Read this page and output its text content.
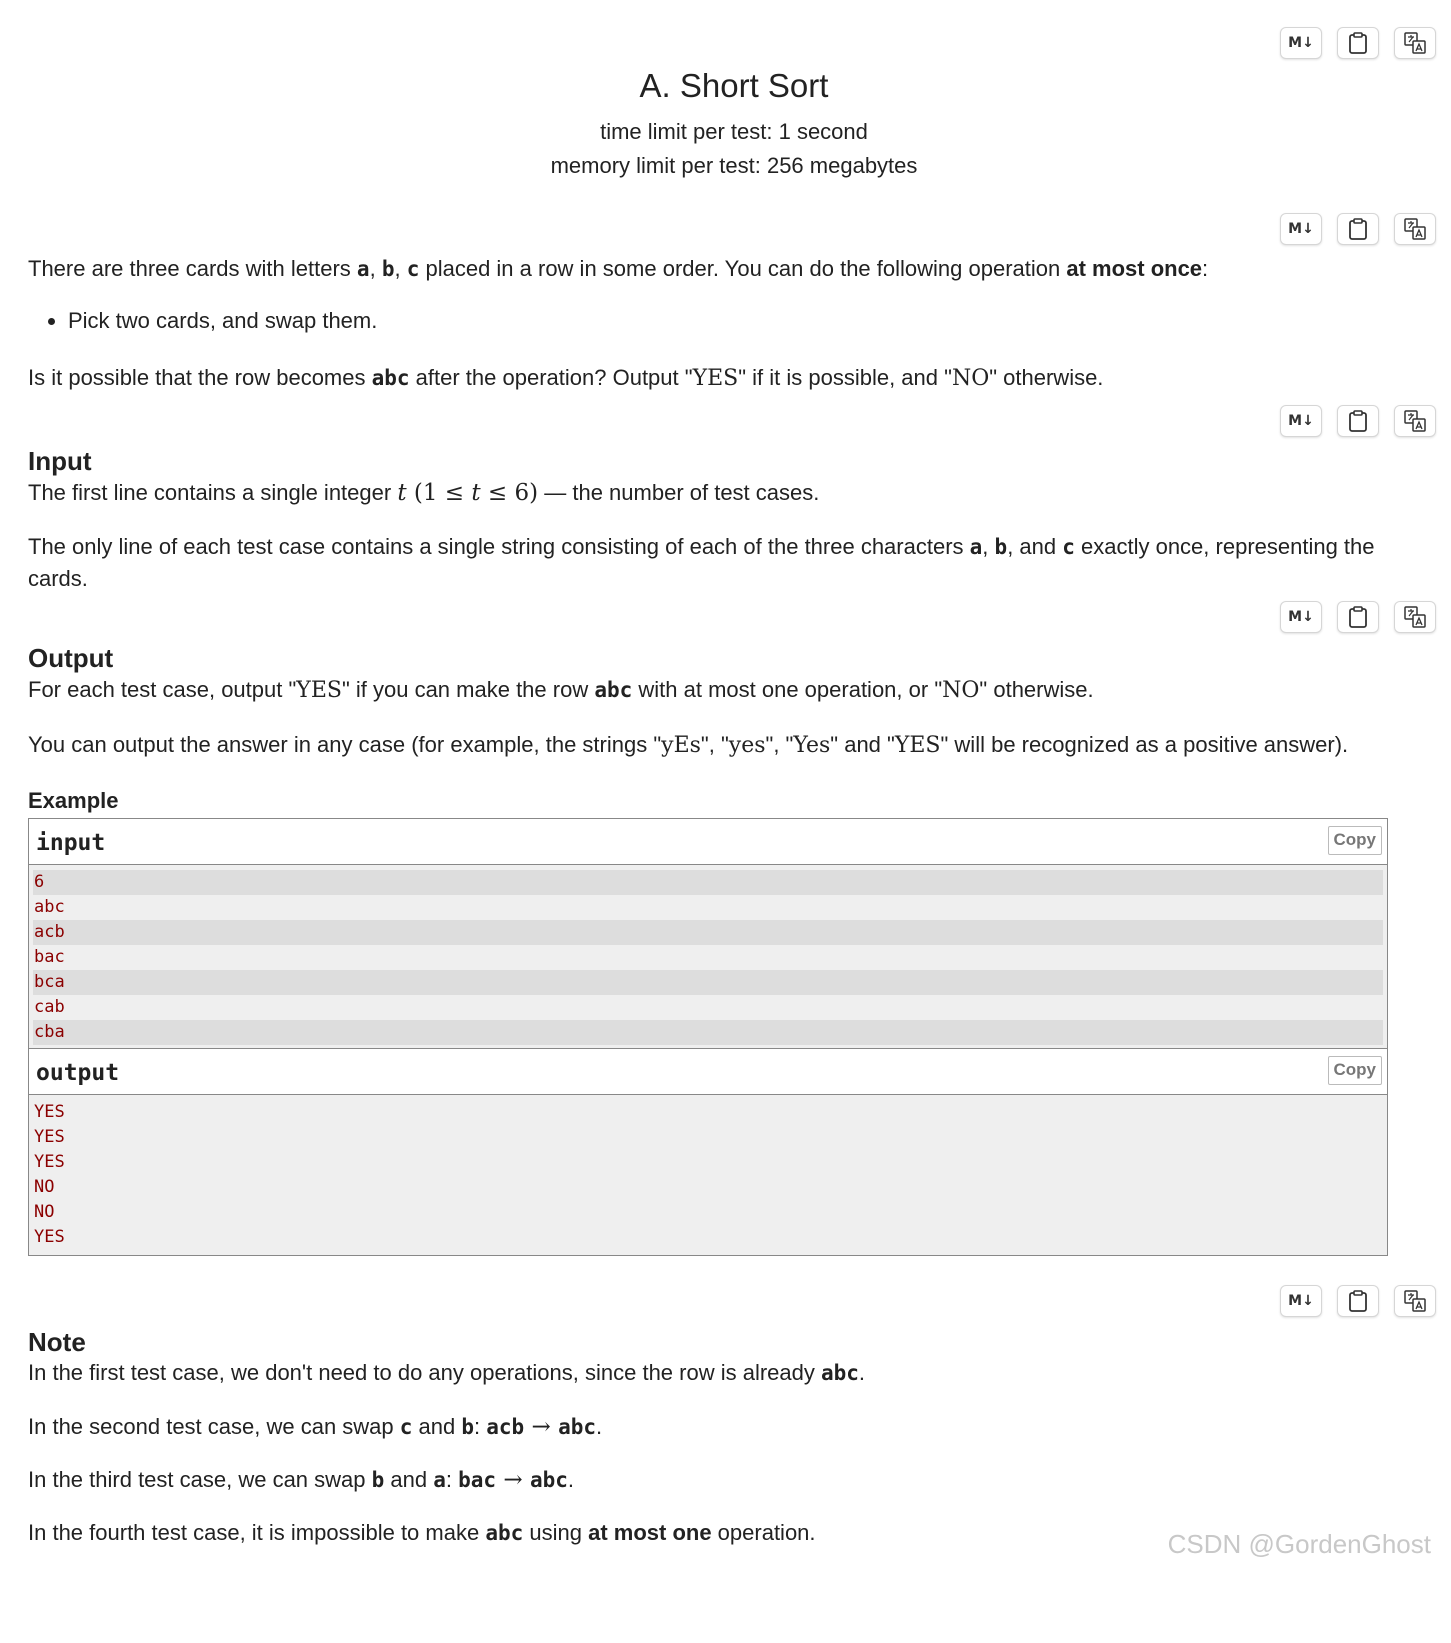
M↓
A. Short Sort
time limit per test: 1 second
memory limit per test: 256 megabytes
M↓

There are three cards with letters a, b, c placed in a row in some order. You can do the following operation at most once:

• Pick two cards, and swap them.

Is it possible that the row becomes abc after the operation? Output "YES" if it is possible, and "NO" otherwise.

M↓
Input

The first line contains a single integer t (1 ≤ t ≤ 6) — the number of test cases.

The only line of each test case contains a single string consisting of each of the three characters a, b, and c exactly once, representing the cards.

M↓
Output

For each test case, output "YES" if you can make the row abc with at most one operation, or "NO" otherwise.

You can output the answer in any case (for example, the strings "yEs", "yes", "Yes" and "YES" will be recognized as a positive answer).

Example
input	Copy
6
abc
acb
bac
bca
cab
cba
output	Copy
YES
YES
YES
NO
NO
YES
M↓
Note

In the first test case, we don't need to do any operations, since the row is already abc.

In the second test case, we can swap c and b: acb → abc.

In the third test case, we can swap b and a: bac → abc.

In the fourth test case, it is impossible to make abc using at most one operation.	CSDN @GordenGhost
